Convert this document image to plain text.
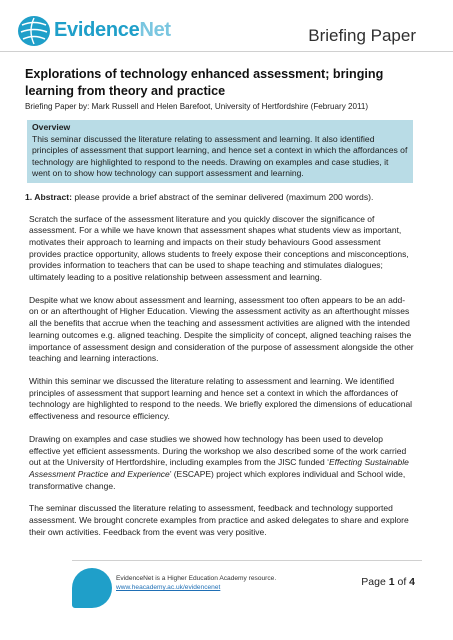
EvidenceNet	Briefing Paper
Explorations of technology enhanced assessment; bringing learning from theory and practice
Briefing Paper by: Mark Russell and Helen Barefoot, University of Hertfordshire (February 2011)
Overview
This seminar discussed the literature relating to assessment and learning. It also identified principles of assessment that support learning, and hence set a context in which the affordances of technology are highlighted to respond to the needs. Drawing on examples and case studies, it went on to show how technology can support assessment and learning.
1. Abstract: please provide a brief abstract of the seminar delivered (maximum 200 words).
Scratch the surface of the assessment literature and you quickly discover the significance of assessment. For a while we have known that assessment shapes what students view as important, motivates their approach to learning and impacts on their study behaviours Good assessment provides practice opportunity, allows students to freely expose their conceptions and misconceptions, provides information to teachers that can be used to shape teaching and stimulates dialogues; ultimately leading to a positive relationship between assessment and learning.
Despite what we know about assessment and learning, assessment too often appears to be an add-on or an afterthought of Higher Education. Viewing the assessment activity as an afterthought misses all the benefits that accrue when the teaching and assessment activities are aligned with the intended learning outcomes e.g. aligned teaching. Despite the simplicity of concept, aligned teaching raises the importance of assessment design and consideration of the purpose of assessment alongside the other teaching and learning interactions.
Within this seminar we discussed the literature relating to assessment and learning. We identified principles of assessment that support learning and hence set a context in which the affordances of technology are highlighted to respond to the needs. We briefly explored the dimensions of educational effectiveness and resource efficiency.
Drawing on examples and case studies we showed how technology has been used to develop effective yet efficient assessments. During the workshop we also described some of the work carried out at the University of Hertfordshire, including examples from the JISC funded ‘Effecting Sustainable Assessment Practice and Experience’ (ESCAPE) project which explores individual and School wide, transformative change.
The seminar discussed the literature relating to assessment, feedback and technology supported assessment. We brought concrete examples from practice and asked delegates to share and explore their own activities. Feedback from the event was very positive.
EvidenceNet is a Higher Education Academy resource.
www.heacademy.ac.uk/evidencenet	Page 1 of 4
